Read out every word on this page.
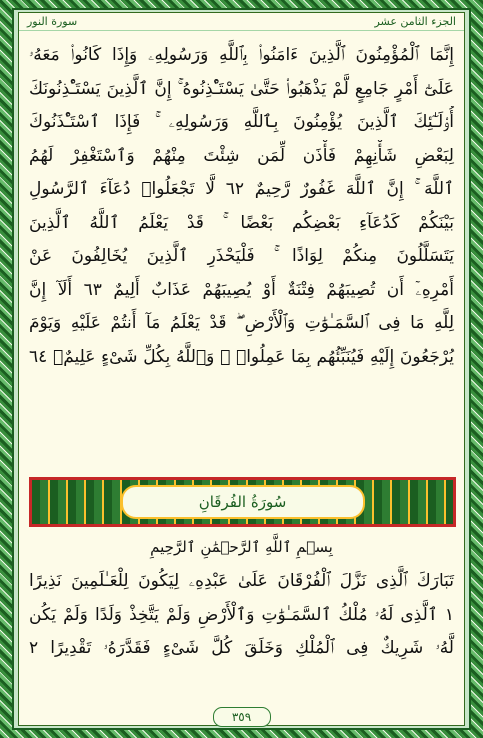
سورة النور	الجزء الثامن عشر
إِنَّمَا ٱلْمُؤْمِنُونَ ٱلَّذِينَ ءَامَنُوا۟ بِٱللَّهِ وَرَسُولِهِۦ وَإِذَا كَانُوا۟ مَعَهُۥ
عَلَىٰٓ أَمْرٍ جَامِعٍ لَّمْ يَذْهَبُوا۟ حَتَّىٰ يَسْتَـْٔذِنُوهُ ۚ إِنَّ ٱلَّذِينَ يَسْتَـْٔذِنُونَكَ
أُو۟لَـٰٓئِكَ ٱلَّذِينَ يُؤْمِنُونَ بِٱللَّهِ وَرَسُولِهِۦ ۚ فَإِذَا ٱسْتَـْٔذَنُوكَ
لِبَعْضِ شَأْنِهِمْ فَأْذَن لِّمَن شِئْتَ مِنْهُمْ وَٱسْتَغْفِرْ لَهُمُ
ٱللَّهَ ۚ إِنَّ ٱللَّهَ غَفُورٌ رَّحِيمٌ ٦٢ لَّا تَجْعَلُوا۟ دُعَآءَ ٱلرَّسُولِ
بَيْنَكُمْ كَدُعَآءِ بَعْضِكُم بَعْضًا ۚ قَدْ يَعْلَمُ ٱللَّهُ ٱلَّذِينَ
يَتَسَلَّلُونَ مِنكُمْ لِوَاذًا ۚ فَلْيَحْذَرِ ٱلَّذِينَ يُخَالِفُونَ عَنْ
أَمْرِهِۦٓ أَن تُصِيبَهُمْ فِتْنَةٌ أَوْ يُصِيبَهُمْ عَذَابٌ أَلِيمٌ ٦٣ أَلَآ إِنَّ
لِلَّهِ مَا فِى ٱلسَّمَـٰوَٰتِ وَٱلْأَرْضِ ۖ قَدْ يَعْلَمُ مَآ أَنتُمْ عَلَيْهِ وَيَوْمَ
يُرْجَعُونَ إِلَيْهِ فَيُنَبِّئُهُم بِمَا عَمِلُوا۟ ۗ وَٱللَّهُ بِكُلِّ شَىْءٍ عَلِيمٌۢ ٦٤
سُورَةُ الفُرقَانِ
بِسۡمِ ٱللَّهِ ٱلرَّحۡمَٰنِ ٱلرَّحِيمِ
تَبَارَكَ ٱلَّذِى نَزَّلَ ٱلْفُرْقَانَ عَلَىٰ عَبْدِهِۦ لِيَكُونَ لِلْعَـٰلَمِينَ نَذِيرًا
١ ٱلَّذِى لَهُۥ مُلْكُ ٱلسَّمَـٰوَٰتِ وَٱلْأَرْضِ وَلَمْ يَتَّخِذْ وَلَدًا وَلَمْ يَكُن
لَّهُۥ شَرِيكٌ فِى ٱلْمُلْكِ وَخَلَقَ كُلَّ شَىْءٍ فَقَدَّرَهُۥ تَقْدِيرًا ٢
٣٥٩
